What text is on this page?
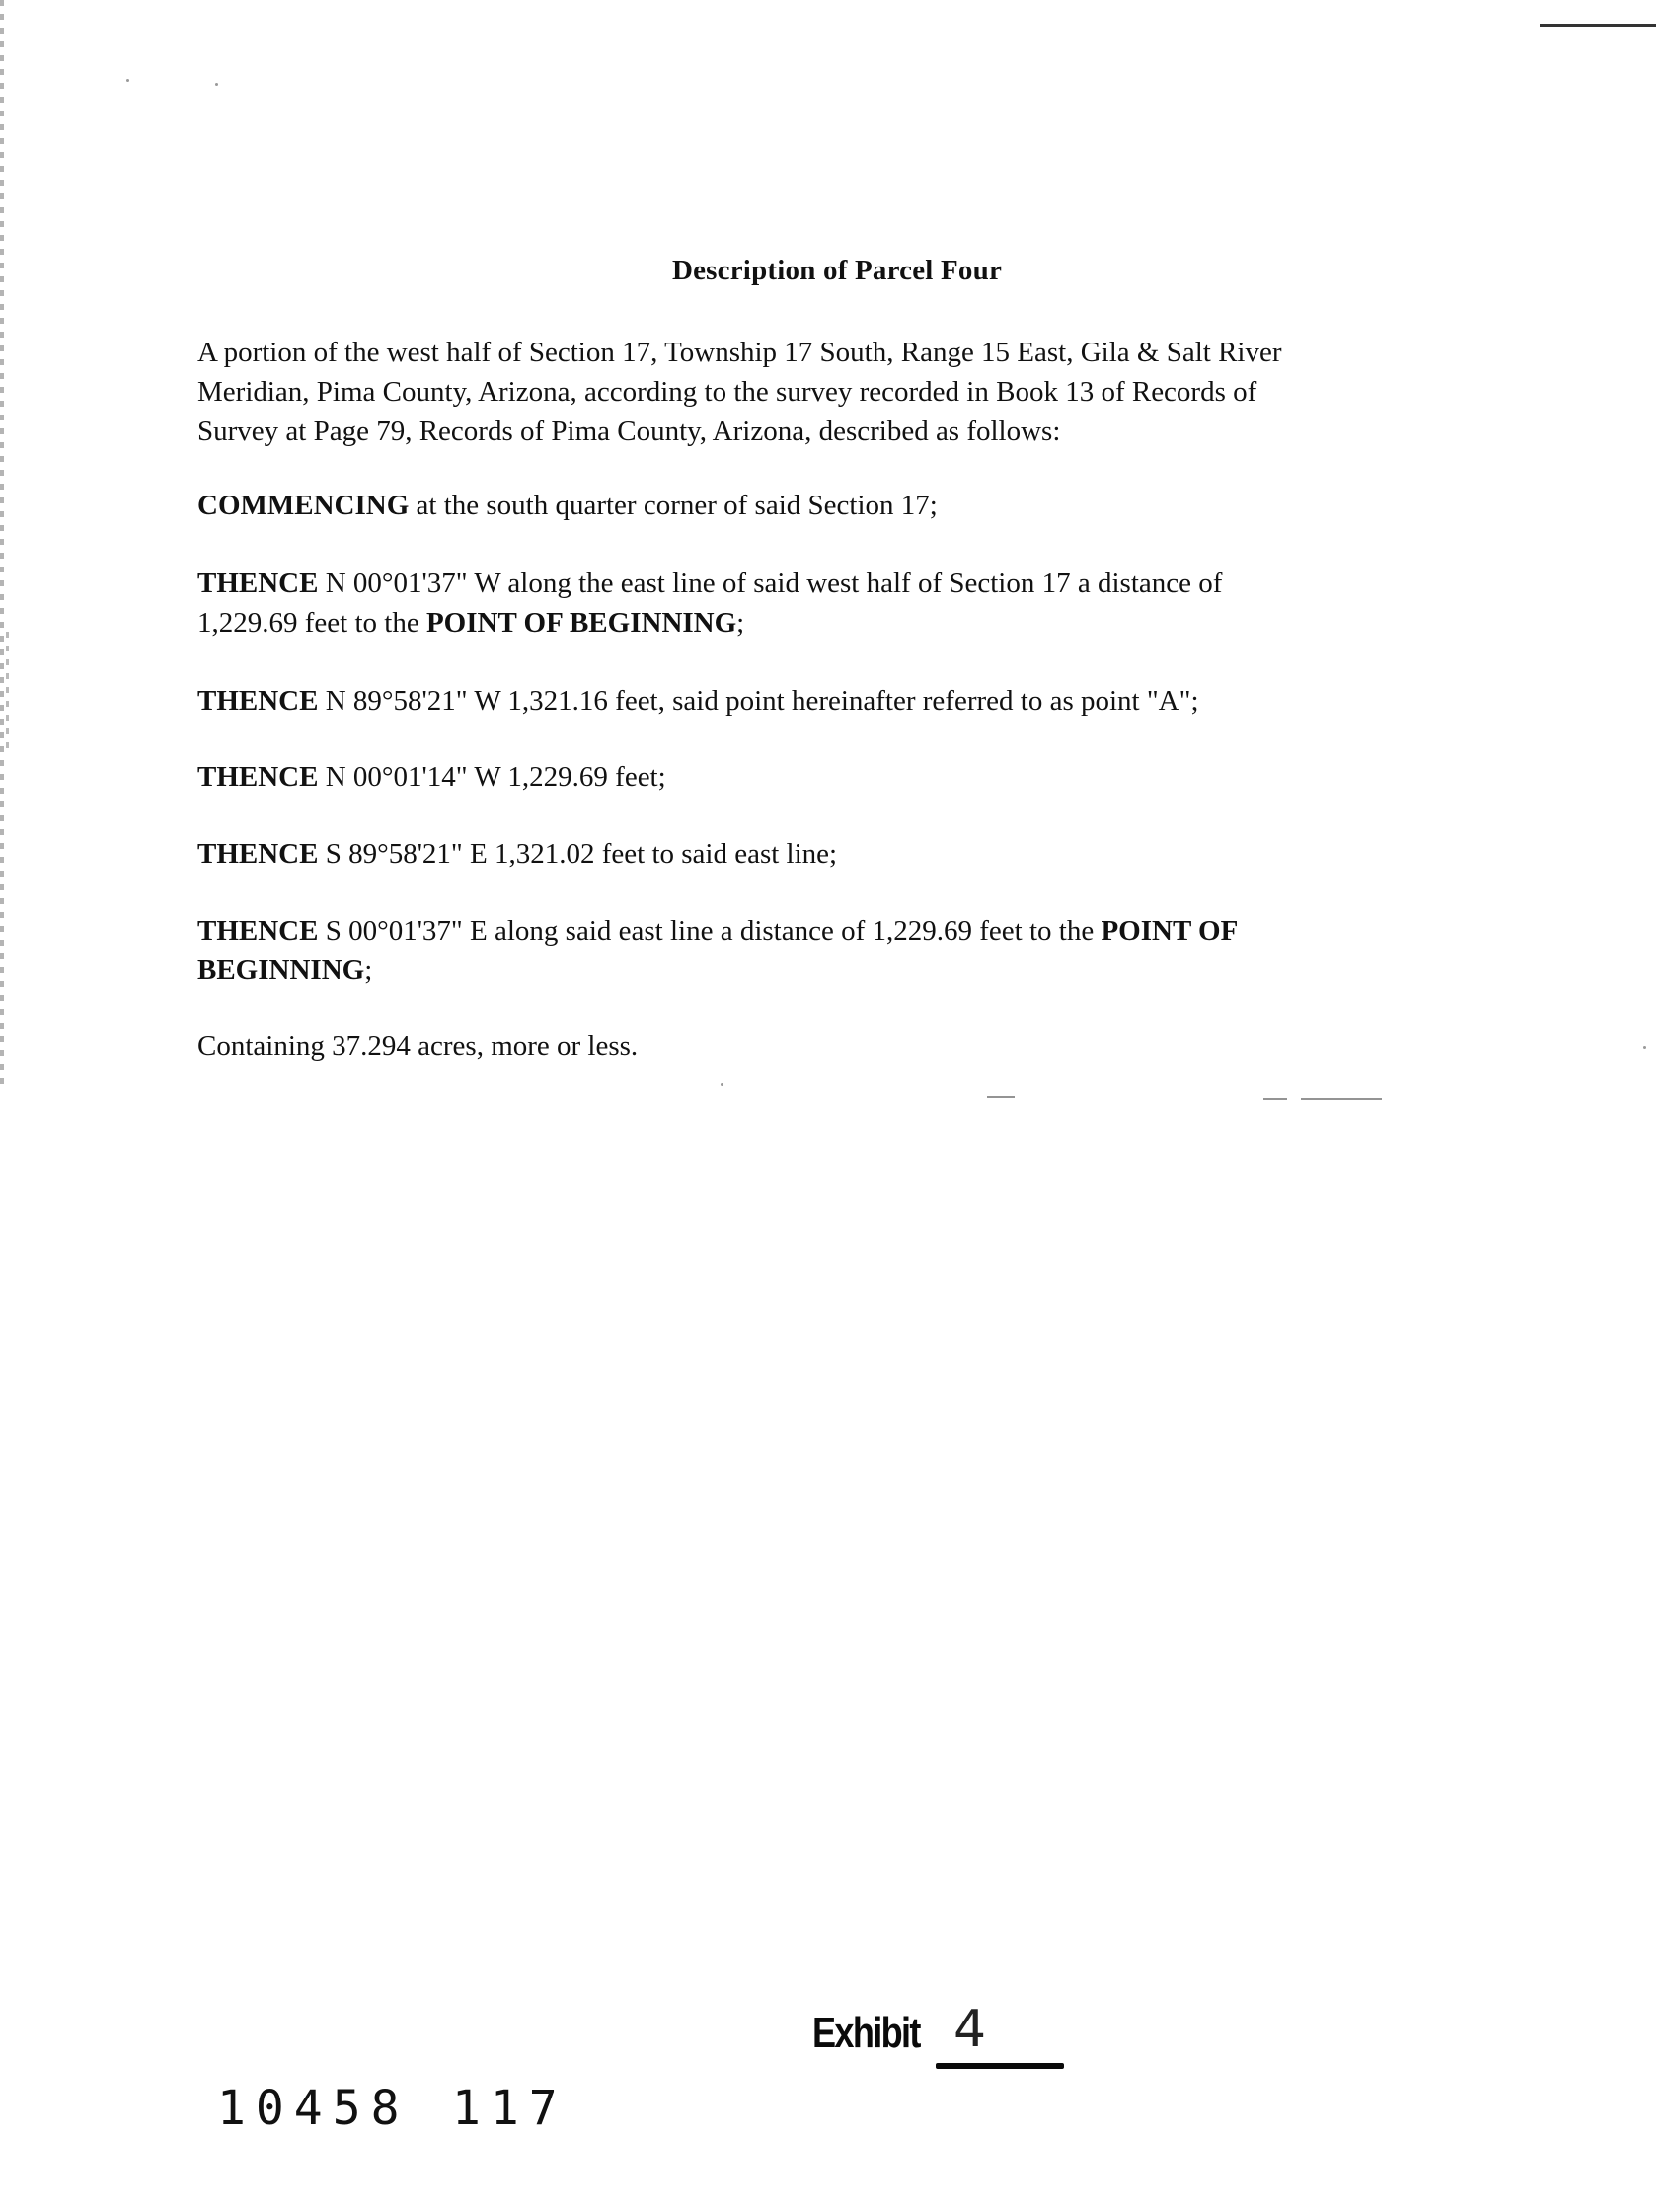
Description of Parcel Four
A portion of the west half of Section 17, Township 17 South, Range 15 East, Gila & Salt River
Meridian, Pima County, Arizona, according to the survey recorded in Book 13 of Records of
Survey at Page 79, Records of Pima County, Arizona, described as follows:
COMMENCING at the south quarter corner of said Section 17;
THENCE N 00°01'37" W along the east line of said west half of Section 17 a distance of
1,229.69 feet to the POINT OF BEGINNING;
THENCE N 89°58'21" W 1,321.16 feet, said point hereinafter referred to as point "A";
THENCE N 00°01'14" W 1,229.69 feet;
THENCE S 89°58'21" E 1,321.02 feet to said east line;
THENCE S 00°01'37" E along said east line a distance of 1,229.69 feet to the POINT OF
BEGINNING;
Containing 37.294 acres, more or less.
Exhibit 4
10458 117
